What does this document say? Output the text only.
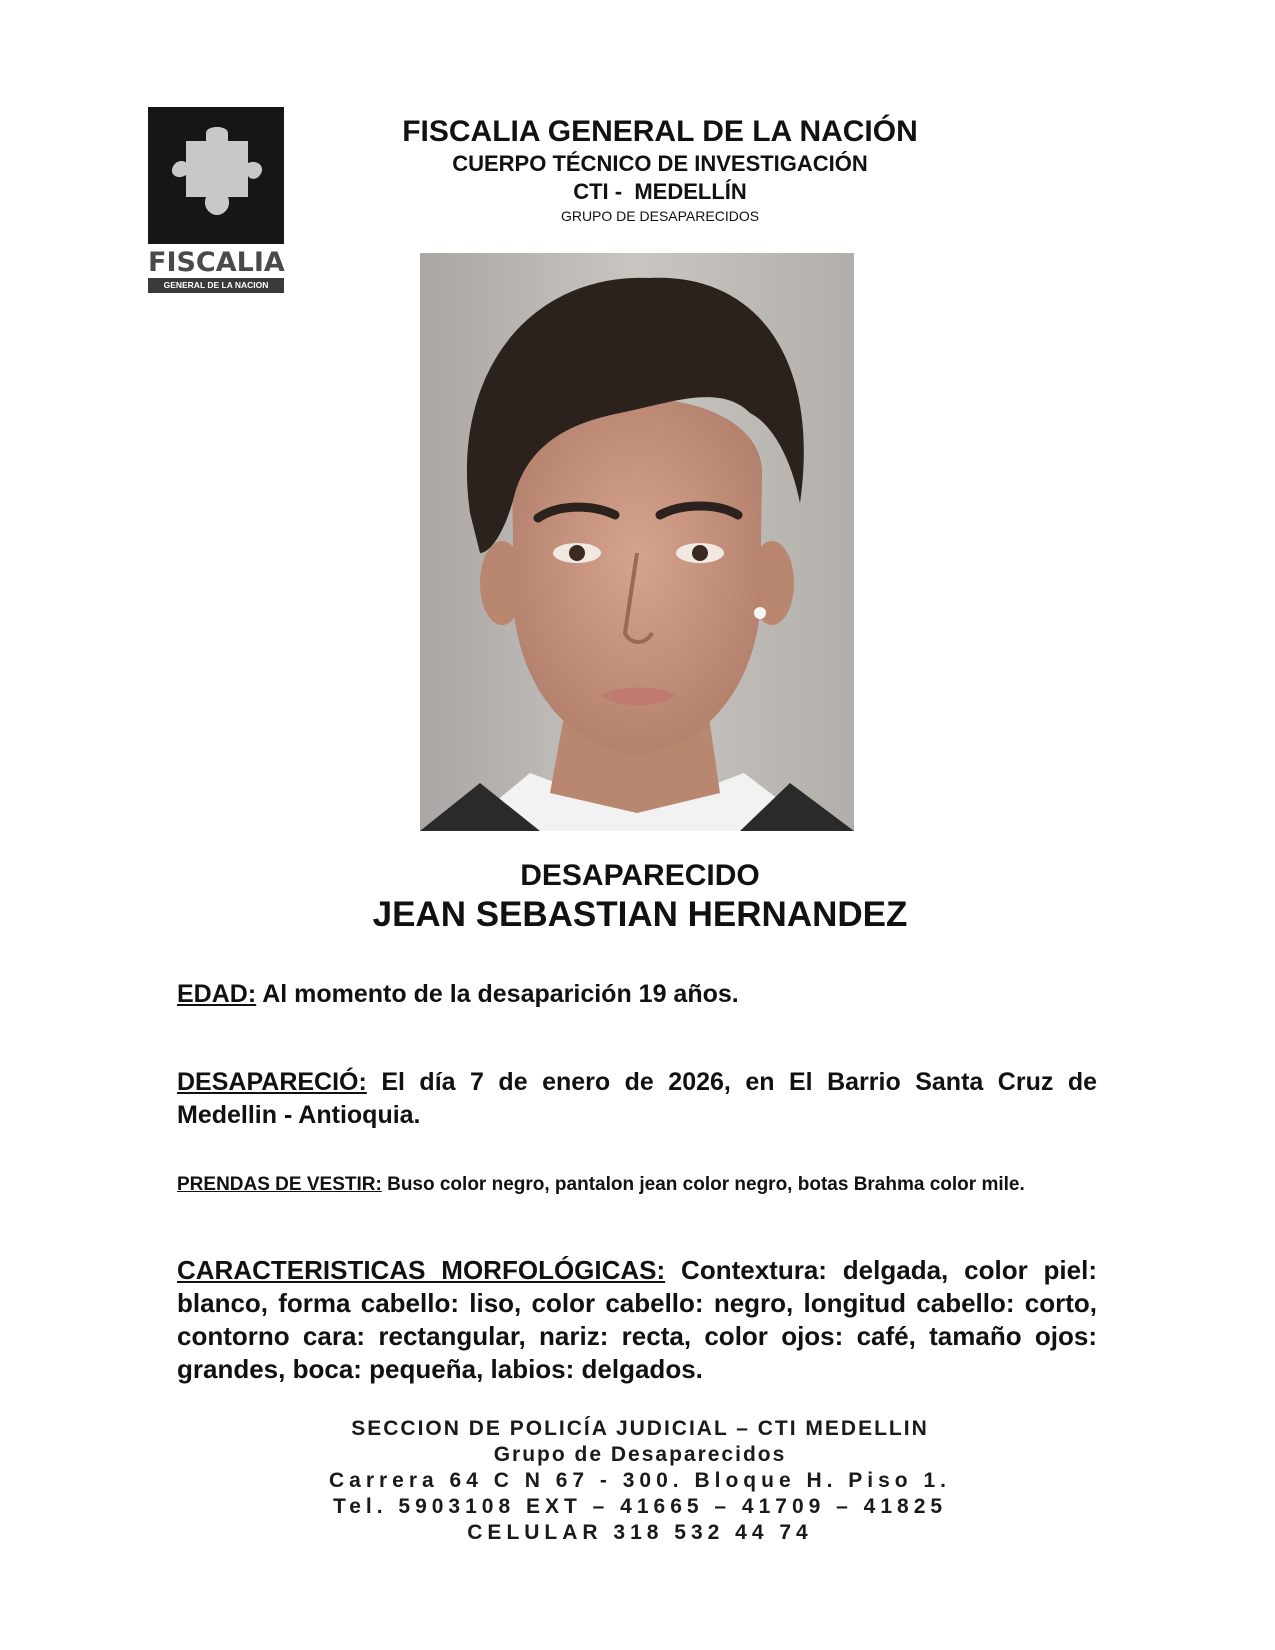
FISCALIA
GENERAL DE LA NACION
FISCALIA GENERAL DE LA NACIÓN
CUERPO TÉCNICO DE INVESTIGACIÓN
CTI -  MEDELLÍN
GRUPO DE DESAPARECIDOS
DESAPARECIDO
JEAN SEBASTIAN HERNANDEZ
EDAD: Al momento de la desaparición 19 años.
DESAPARECIÓ: El día 7 de enero de 2026, en El Barrio Santa Cruz de Medellin - Antioquia.
PRENDAS DE VESTIR: Buso color negro, pantalon jean color negro, botas Brahma color mile.
CARACTERISTICAS MORFOLÓGICAS: Contextura: delgada, color piel: blanco, forma cabello: liso, color cabello: negro, longitud cabello: corto, contorno cara: rectangular, nariz: recta, color ojos: café, tamaño ojos: grandes, boca: pequeña, labios: delgados.
SECCION DE POLICÍA JUDICIAL – CTI MEDELLIN
Grupo de Desaparecidos
Carrera 64 C N 67 - 300. Bloque H. Piso 1.
Tel. 5903108 EXT – 41665 – 41709 – 41825
CELULAR 318 532 44 74
